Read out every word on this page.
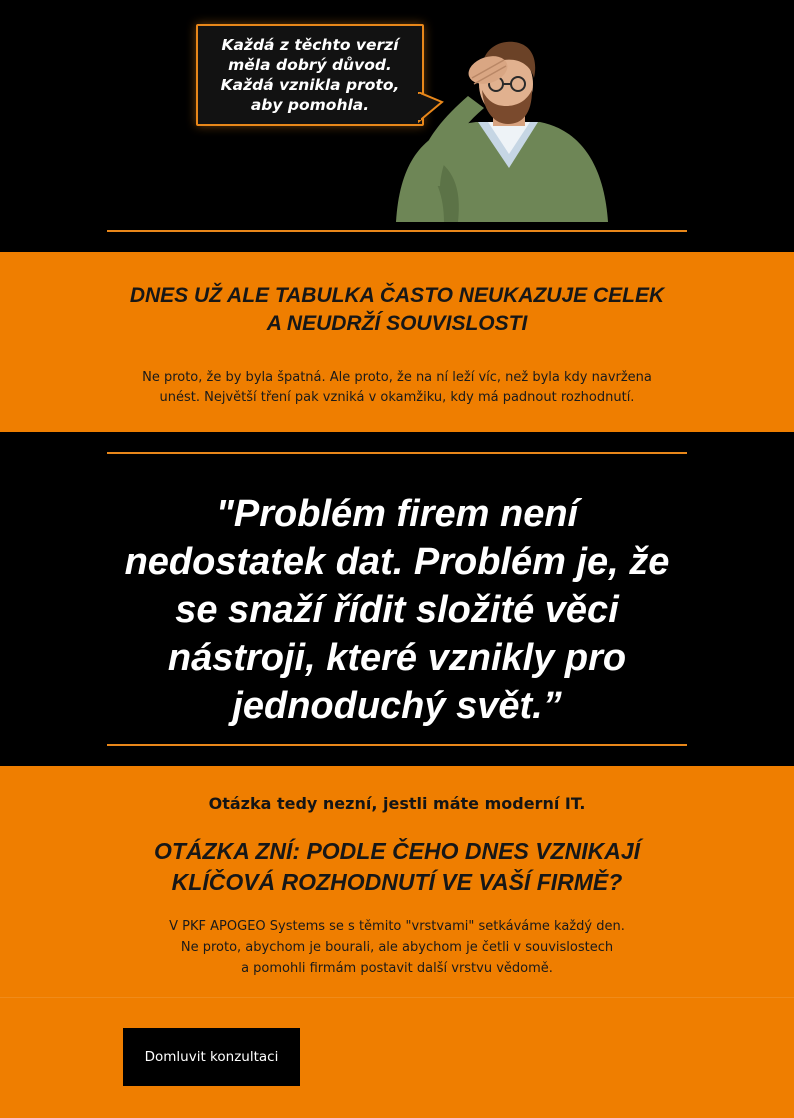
Každá z těchto verzí
měla dobrý důvod.
Každá vznikla proto,
aby pomohla.

DNES UŽ ALE TABULKA ČASTO NEUKAZUJE CELEK
A NEUDRŽÍ SOUVISLOSTI

Ne proto, že by byla špatná. Ale proto, že na ní leží víc, než byla kdy navržena
unést. Největší tření pak vzniká v okamžiku, kdy má padnout rozhodnutí.

"Problém firem není
nedostatek dat. Problém je, že
se snaží řídit složité věci
nástroji, které vznikly pro
jednoduchý svět.”

Otázka tedy nezní, jestli máte moderní IT.

OTÁZKA ZNÍ: PODLE ČEHO DNES VZNIKAJÍ
KLÍČOVÁ ROZHODNUTÍ VE VAŠÍ FIRMĚ?

V PKF APOGEO Systems se s těmito "vrstvami" setkáváme každý den.
Ne proto, abychom je bourali, ale abychom je četli v souvislostech
a pomohli firmám postavit další vrstvu vědomě.

Domluvit konzultaci
